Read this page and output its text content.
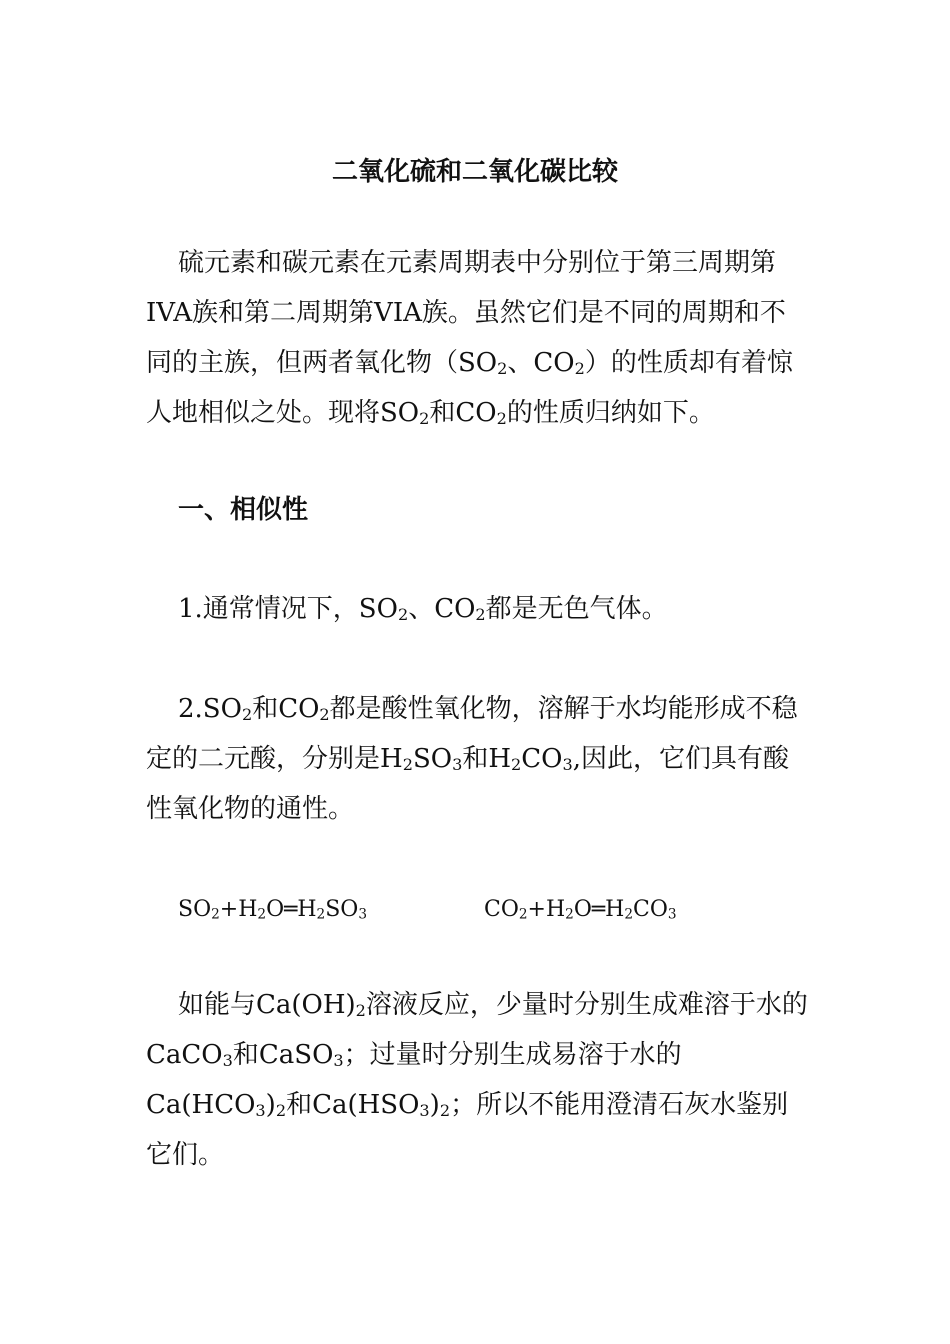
二氧化硫和二氧化碳比较

硫元素和碳元素在元素周期表中分别位于第三周期第IVA族和第二周期第VIA族。虽然它们是不同的周期和不同的主族，但两者氧化物（$SO_2$、$CO_2$）的性质却有着惊人地相似之处。现将$SO_2$和$CO_2$的性质归纳如下。

一、相似性

1.通常情况下，$SO_2$、$CO_2$都是无色气体。

$2.SO_2$和$CO_2$都是酸性氧化物，溶解于水均能形成不稳定的二元酸，分别是$H_2SO_3$和$H_2CO_3$,因此，它们具有酸性氧化物的通性。

$SO_2+H_2O═H_2SO_3$	$CO_2+H_2O═H_2CO_3$

如能与$Ca(OH)_2$溶液反应，少量时分别生成难溶于水的CaCO$_3$和CaSO$_3$；过量时分别生成易溶于水的$Ca(HCO_3)_2$和$Ca(HSO_3)_2$；所以不能用澄清石灰水鉴别它们。
